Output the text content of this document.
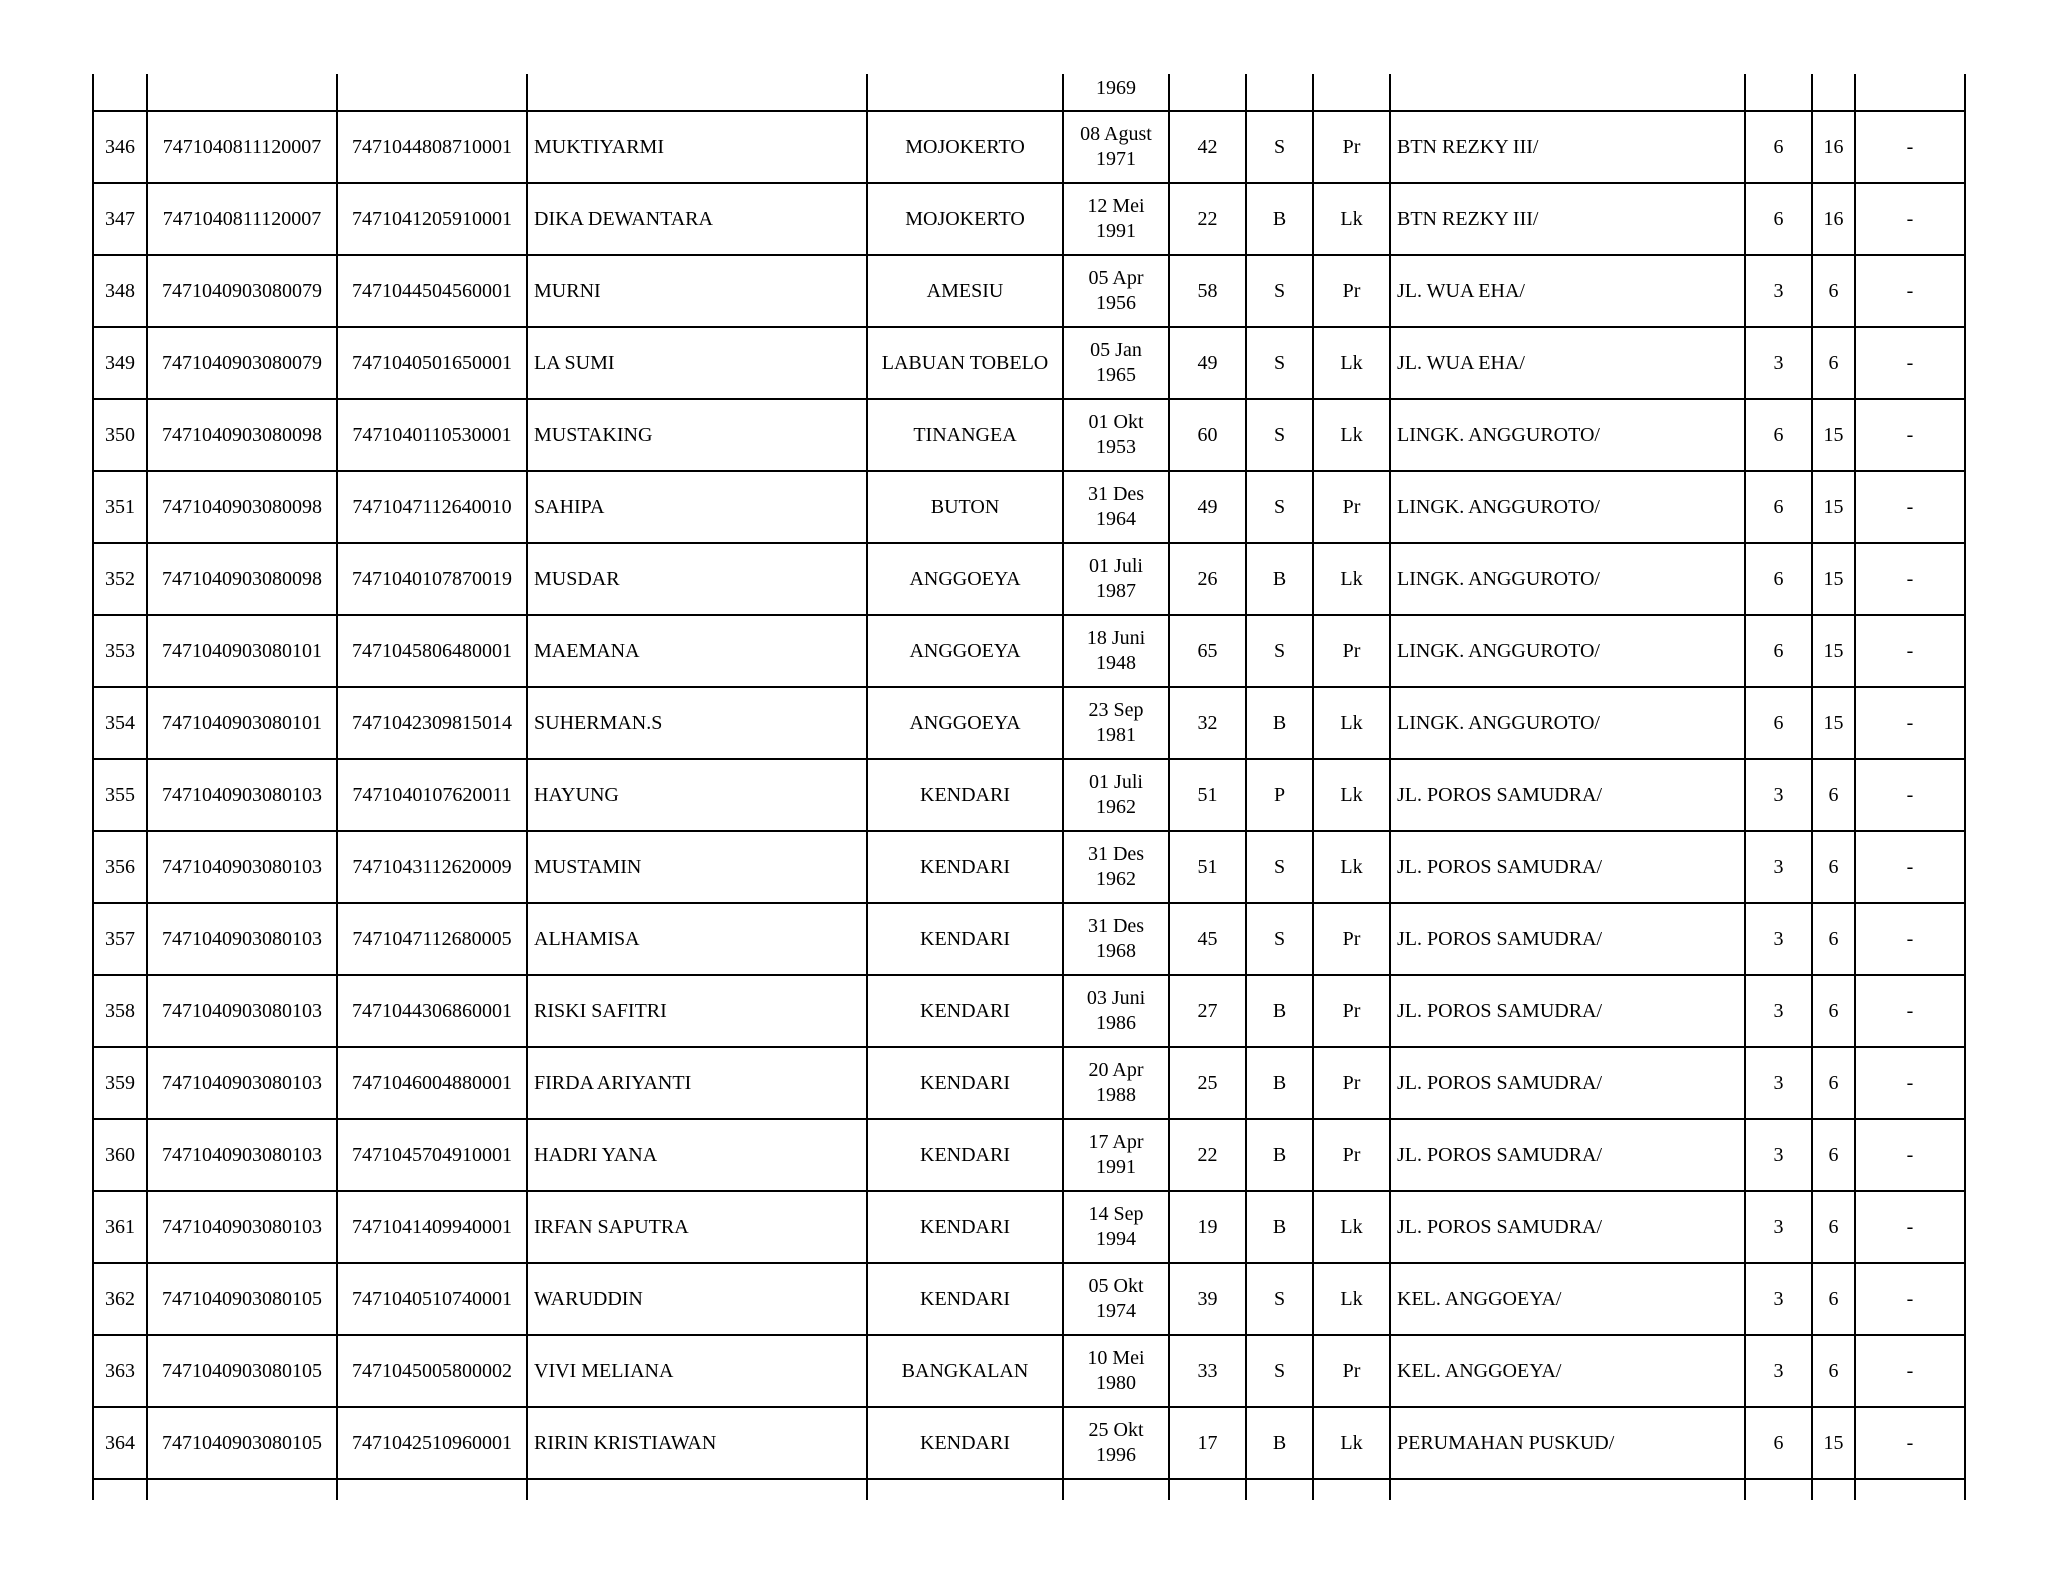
					1969							

346	7471040811120007	7471044808710001	MUKTIYARMI	MOJOKERTO	08 Agust
1971	42	S	Pr	BTN REZKY III/	6	16	-
347	7471040811120007	7471041205910001	DIKA DEWANTARA	MOJOKERTO	12 Mei
1991	22	B	Lk	BTN REZKY III/	6	16	-
348	7471040903080079	7471044504560001	MURNI	AMESIU	05 Apr
1956	58	S	Pr	JL. WUA EHA/	3	6	-
349	7471040903080079	7471040501650001	LA SUMI	LABUAN TOBELO	05 Jan
1965	49	S	Lk	JL. WUA EHA/	3	6	-
350	7471040903080098	7471040110530001	MUSTAKING	TINANGEA	01 Okt
1953	60	S	Lk	LINGK. ANGGUROTO/	6	15	-
351	7471040903080098	7471047112640010	SAHIPA	BUTON	31 Des
1964	49	S	Pr	LINGK. ANGGUROTO/	6	15	-
352	7471040903080098	7471040107870019	MUSDAR	ANGGOEYA	01 Juli
1987	26	B	Lk	LINGK. ANGGUROTO/	6	15	-
353	7471040903080101	7471045806480001	MAEMANA	ANGGOEYA	18 Juni
1948	65	S	Pr	LINGK. ANGGUROTO/	6	15	-
354	7471040903080101	7471042309815014	SUHERMAN.S	ANGGOEYA	23 Sep
1981	32	B	Lk	LINGK. ANGGUROTO/	6	15	-
355	7471040903080103	7471040107620011	HAYUNG	KENDARI	01 Juli
1962	51	P	Lk	JL. POROS SAMUDRA/	3	6	-
356	7471040903080103	7471043112620009	MUSTAMIN	KENDARI	31 Des
1962	51	S	Lk	JL. POROS SAMUDRA/	3	6	-
357	7471040903080103	7471047112680005	ALHAMISA	KENDARI	31 Des
1968	45	S	Pr	JL. POROS SAMUDRA/	3	6	-
358	7471040903080103	7471044306860001	RISKI SAFITRI	KENDARI	03 Juni
1986	27	B	Pr	JL. POROS SAMUDRA/	3	6	-
359	7471040903080103	7471046004880001	FIRDA ARIYANTI	KENDARI	20 Apr
1988	25	B	Pr	JL. POROS SAMUDRA/	3	6	-
360	7471040903080103	7471045704910001	HADRI YANA	KENDARI	17 Apr
1991	22	B	Pr	JL. POROS SAMUDRA/	3	6	-
361	7471040903080103	7471041409940001	IRFAN SAPUTRA	KENDARI	14 Sep
1994	19	B	Lk	JL. POROS SAMUDRA/	3	6	-
362	7471040903080105	7471040510740001	WARUDDIN	KENDARI	05 Okt
1974	39	S	Lk	KEL. ANGGOEYA/	3	6	-
363	7471040903080105	7471045005800002	VIVI MELIANA	BANGKALAN	10 Mei
1980	33	S	Pr	KEL. ANGGOEYA/	3	6	-
364	7471040903080105	7471042510960001	RIRIN KRISTIAWAN	KENDARI	25 Okt
1996	17	B	Lk	PERUMAHAN PUSKUD/	6	15	-
